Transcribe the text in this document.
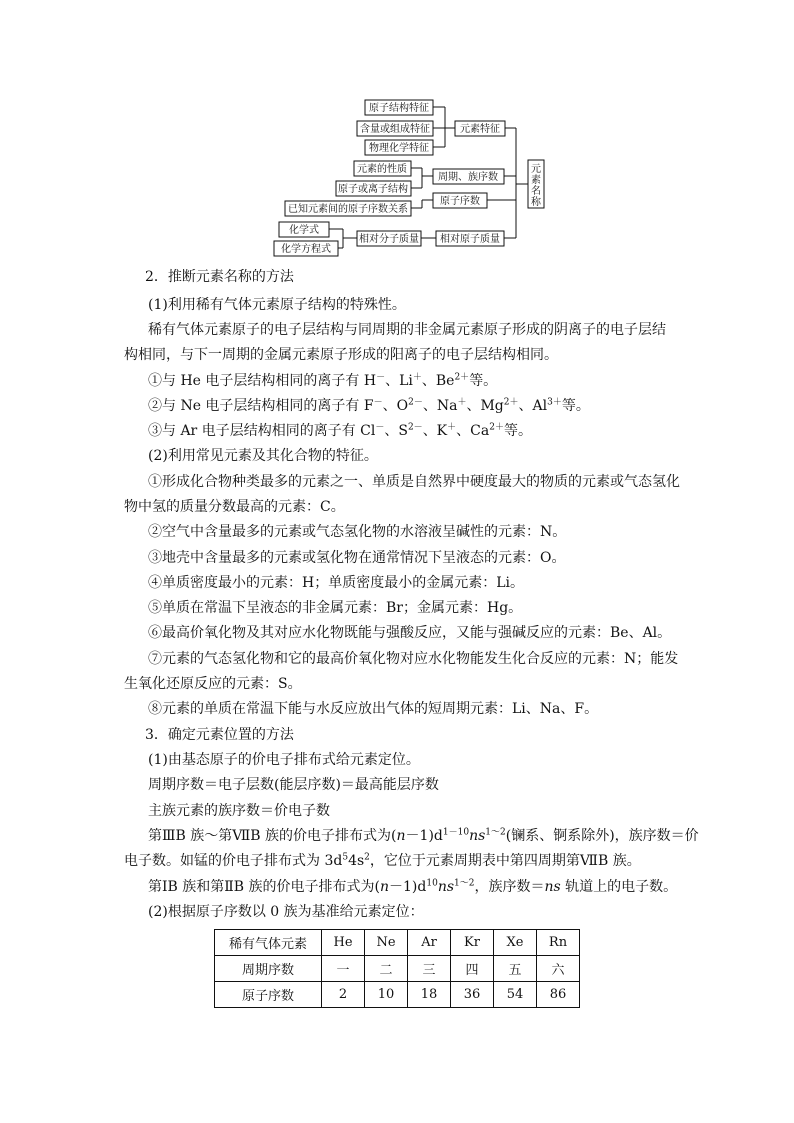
原子结构特征
含量或组成特征
物理化学特征
元素的性质
原子或离子结构
已知元素间的原子序数关系
化学式
化学方程式
元素特征
周期、族序数
原子序数
相对分子质量 相对原子质量
元
素
名
称
2．推断元素名称的方法
(1)利用稀有气体元素原子结构的特殊性。
稀有气体元素原子的电子层结构与同周期的非金属元素原子形成的阴离子的电子层结
构相同，与下一周期的金属元素原子形成的阳离子的电子层结构相同。
①与 He 电子层结构相同的离子有 H－、Li＋、$Be^{2+}$等。
②与 Ne 电子层结构相同的离子有 F－、$O^{2-}$、Na＋、$Mg^{2+}$、$Al^{3+}$等。
③与 Ar 电子层结构相同的离子有 Cl－、$S^{2-}$、K＋、$Ca^{2+}$等。
(2)利用常见元素及其化合物的特征。
①形成化合物种类最多的元素之一、单质是自然界中硬度最大的物质的元素或气态氢化
物中氢的质量分数最高的元素：C。
②空气中含量最多的元素或气态氢化物的水溶液呈碱性的元素：N。
③地壳中含量最多的元素或氢化物在通常情况下呈液态的元素：O。
④单质密度最小的元素：H；单质密度最小的金属元素：Li。
⑤单质在常温下呈液态的非金属元素：Br；金属元素：Hg。
⑥最高价氧化物及其对应水化物既能与强酸反应，又能与强碱反应的元素：Be、Al。
⑦元素的气态氢化物和它的最高价氧化物对应水化物能发生化合反应的元素：N；能发
生氧化还原反应的元素：S。
⑧元素的单质在常温下能与水反应放出气体的短周期元素：Li、Na、F。
3．确定元素位置的方法
(1)由基态原子的价电子排布式给元素定位。
周期序数＝电子层数(能层序数)＝最高能层序数
主族元素的族序数＝价电子数
第ⅢB 族～第ⅦB 族的价电子排布式为$(n-1)d^{1-10}ns^{1\sim 2}$(镧系、锕系除外)，族序数＝价
电子数。如锰的价电子排布式为 $3d^54s^2$，它位于元素周期表中第四周期第ⅦB 族。
第ⅠB 族和第ⅡB 族的价电子排布式为$(n-1)d^{10}ns^{1\sim 2}$，族序数＝ns 轨道上的电子数。
(2)根据原子序数以 0 族为基准给元素定位：
稀有气体元素	He	Ne	Ar	Kr	Xe	Rn
周期序数	一	二	三	四	五	六
原子序数	2	10	18	36	54	86
